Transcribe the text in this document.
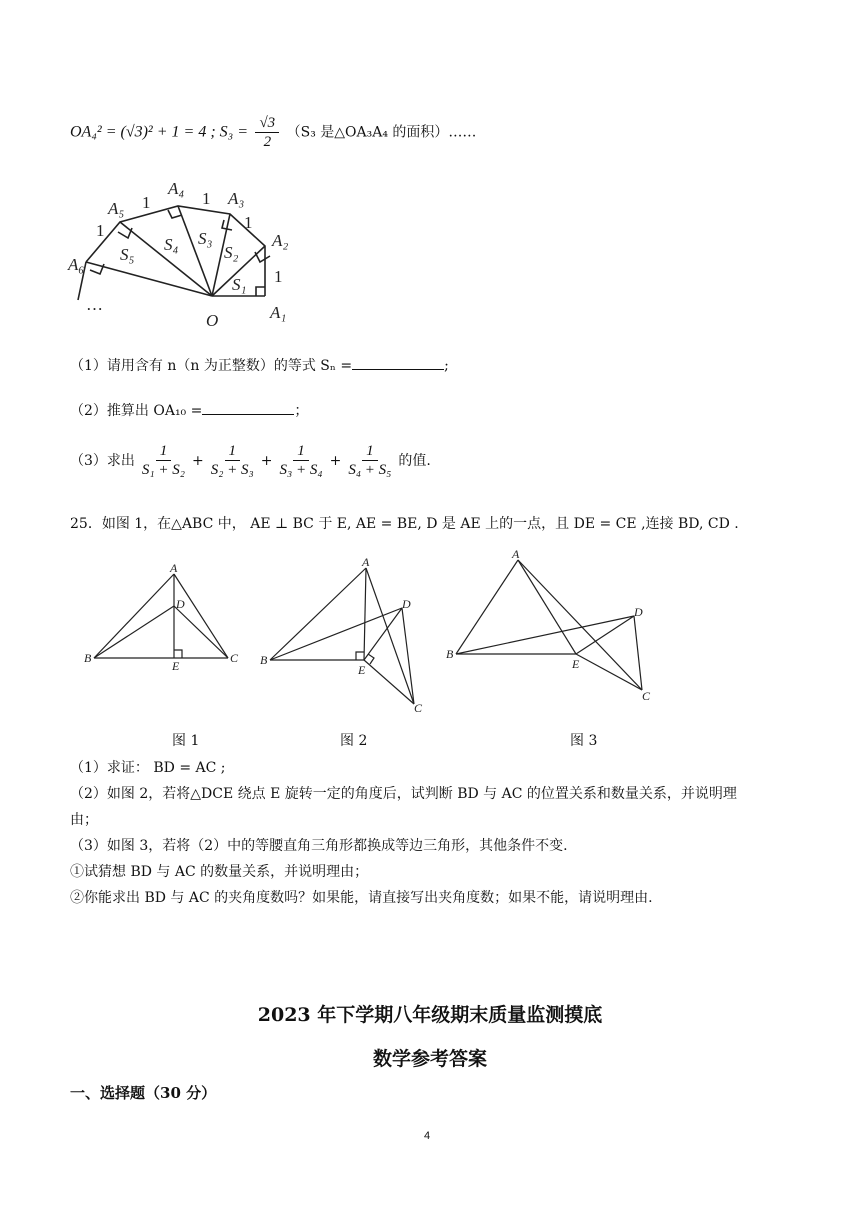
OA₄² = (√3)² + 1 = 4 ; $S_3 = \frac{√3}{2} (S_3$ 是△OA₃A₄ 的面积）……
A₁
A₂
A₃
A₄
A₅
A₆
O
S₁
S₂
S₃
S₄
S₅
1
1
1
1
1
…
（1）请用含有 n（n 为正整数）的等式 Sₙ =	;
（2）推算出 OA₁₀ =	；
（3）求出 $\frac{1}{\text{S₁ + S₂}} + \frac{1}{\text{S₂ + S₃}} + \frac{1}{\text{S₃ + S₄}} + \frac{1}{\text{S₄ + S₅}}$ 的值.
25．如图 1，在△ABC 中， AE ⊥ BC 于 E, AE = BE, D 是 AE 上的一点，且 DE = CE ,连接 BD, CD .
A
D
B
E
C
A
D
B
E
C
A
D
B
E
C
图 1	图 2	图 3
（1）求证： BD = AC ;
（2）如图 2，若将△DCE 绕点 E 旋转一定的角度后，试判断 BD 与 AC 的位置关系和数量关系，并说明理
由；
（3）如图 3，若将（2）中的等腰直角三角形都换成等边三角形，其他条件不变.
①试猜想 BD 与 AC 的数量关系，并说明理由；
②你能求出 BD 与 AC 的夹角度数吗？如果能，请直接写出夹角度数；如果不能，请说明理由.
2023 年下学期八年级期末质量监测摸底
数学参考答案
一、选择题（30 分）
4
